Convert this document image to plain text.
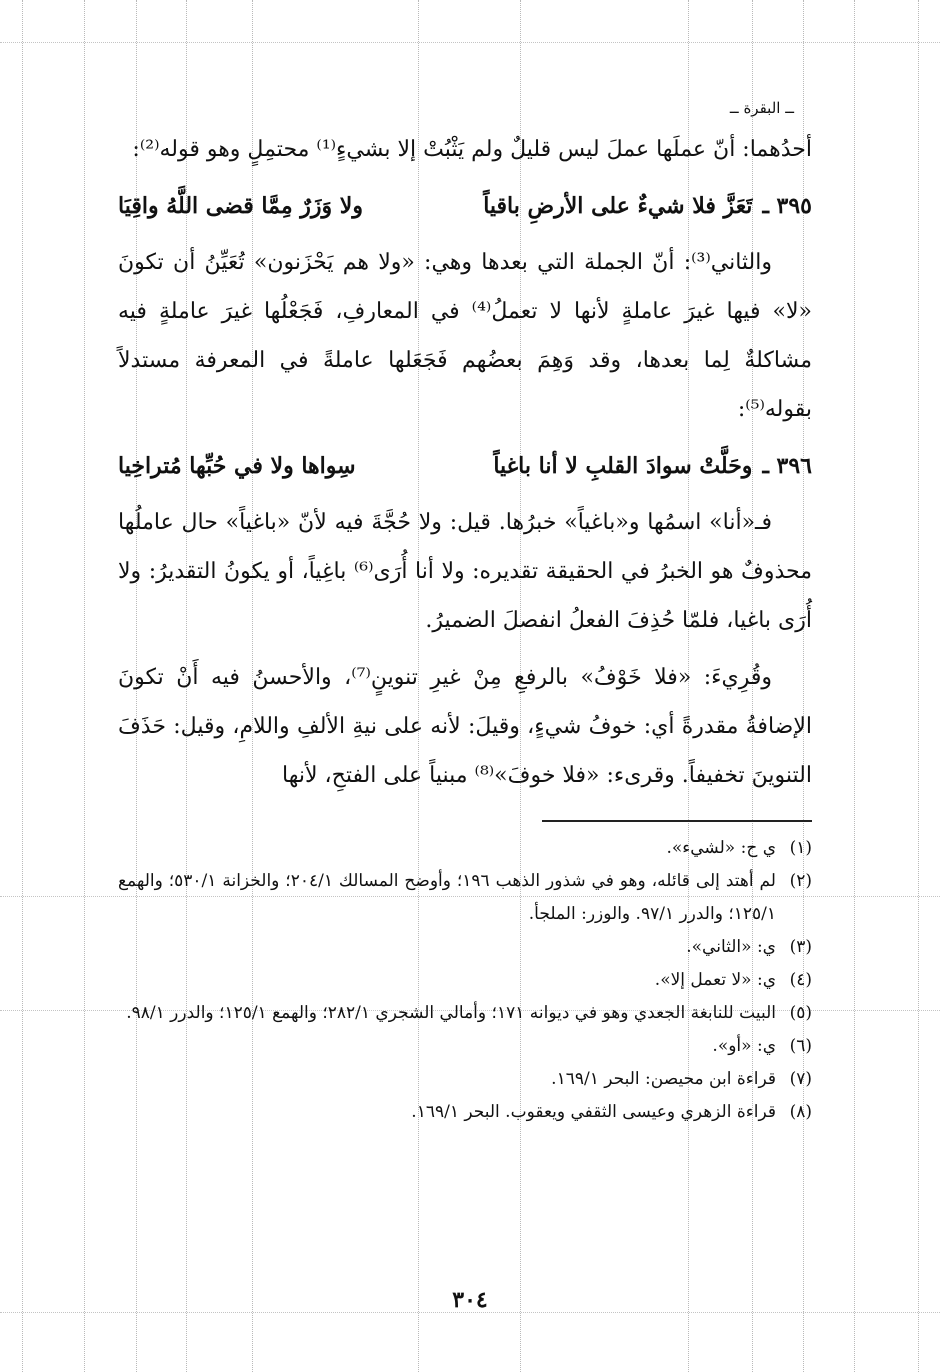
ــ البقرة ــ
أحدُهما: أنّ عملَها عملَ ليس قليلٌ ولم يَثْبُتْ إلا بشيءٍ⁽¹⁾ محتمِلٍ وهو قوله⁽²⁾:
٣٩٥ ـ
تَعَزَّ فلا شيءٌ على الأرضِ باقياً
ولا وَزَرٌ مِمَّا قضى اللَّهُ واقِيَا
والثاني⁽³⁾: أنّ الجملة التي بعدها وهي: «ولا هم يَحْزَنون» تُعَيِّنُ أن تكونَ «لا» فيها غيرَ عاملةٍ لأنها لا تعملُ⁽⁴⁾ في المعارفِ، فَجَعْلُها غيرَ عاملةٍ فيه مشاكلةٌ لِما بعدها، وقد وَهِمَ بعضُهم فَجَعَلها عاملةً في المعرفة مستدلاً بقوله⁽⁵⁾:
٣٩٦ ـ
وحَلَّتْ سوادَ القلبِ لا أنا باغياً
سِواها ولا في حُبِّها مُتراخِيا
فـ«أنا» اسمُها و«باغياً» خبرُها. قيل: ولا حُجَّةَ فيه لأنّ «باغياً» حال عاملُها محذوفٌ هو الخبرُ في الحقيقة تقديره: ولا أنا أُرَى⁽⁶⁾ باغِياً، أو يكونُ التقديرُ: ولا أُرَى باغيا، فلمّا حُذِفَ الفعلُ انفصلَ الضميرُ.
وقُرِيءَ: «فلا خَوْفُ» بالرفعِ مِنْ غيرِ تنوينٍ⁽⁷⁾، والأحسنُ فيه أَنْ تكونَ الإضافةُ مقدرةً أي: خوفُ شيءٍ، وقيلَ: لأنه على نيةِ الألفِ واللامِ، وقيل: حَذَفَ التنوينَ تخفيفاً. وقرىء: «فلا خوفَ»⁽⁸⁾ مبنياً على الفتحِ، لأنها
(١)
ي ح: «لشيء».
(٢)
لم أهتد إلى قائله، وهو في شذور الذهب ١٩٦؛ وأوضح المسالك ٢٠٤/١؛ والخزانة ٥٣٠/١؛ والهمع ١٢٥/١؛ والدرر ٩٧/١. والوزر: الملجأ.
(٣)
ي: «الثاني».
(٤)
ي: «لا تعمل إلا».
(٥)
البيت للنابغة الجعدي وهو في ديوانه ١٧١؛ وأمالي الشجري ٢٨٢/١؛ والهمع ١٢٥/١؛ والدرر ٩٨/١.
(٦)
ي: «أو».
(٧)
قراءة ابن محيصن: البحر ١٦٩/١.
(٨)
قراءة الزهري وعيسى الثقفي ويعقوب. البحر ١٦٩/١.
٣٠٤
